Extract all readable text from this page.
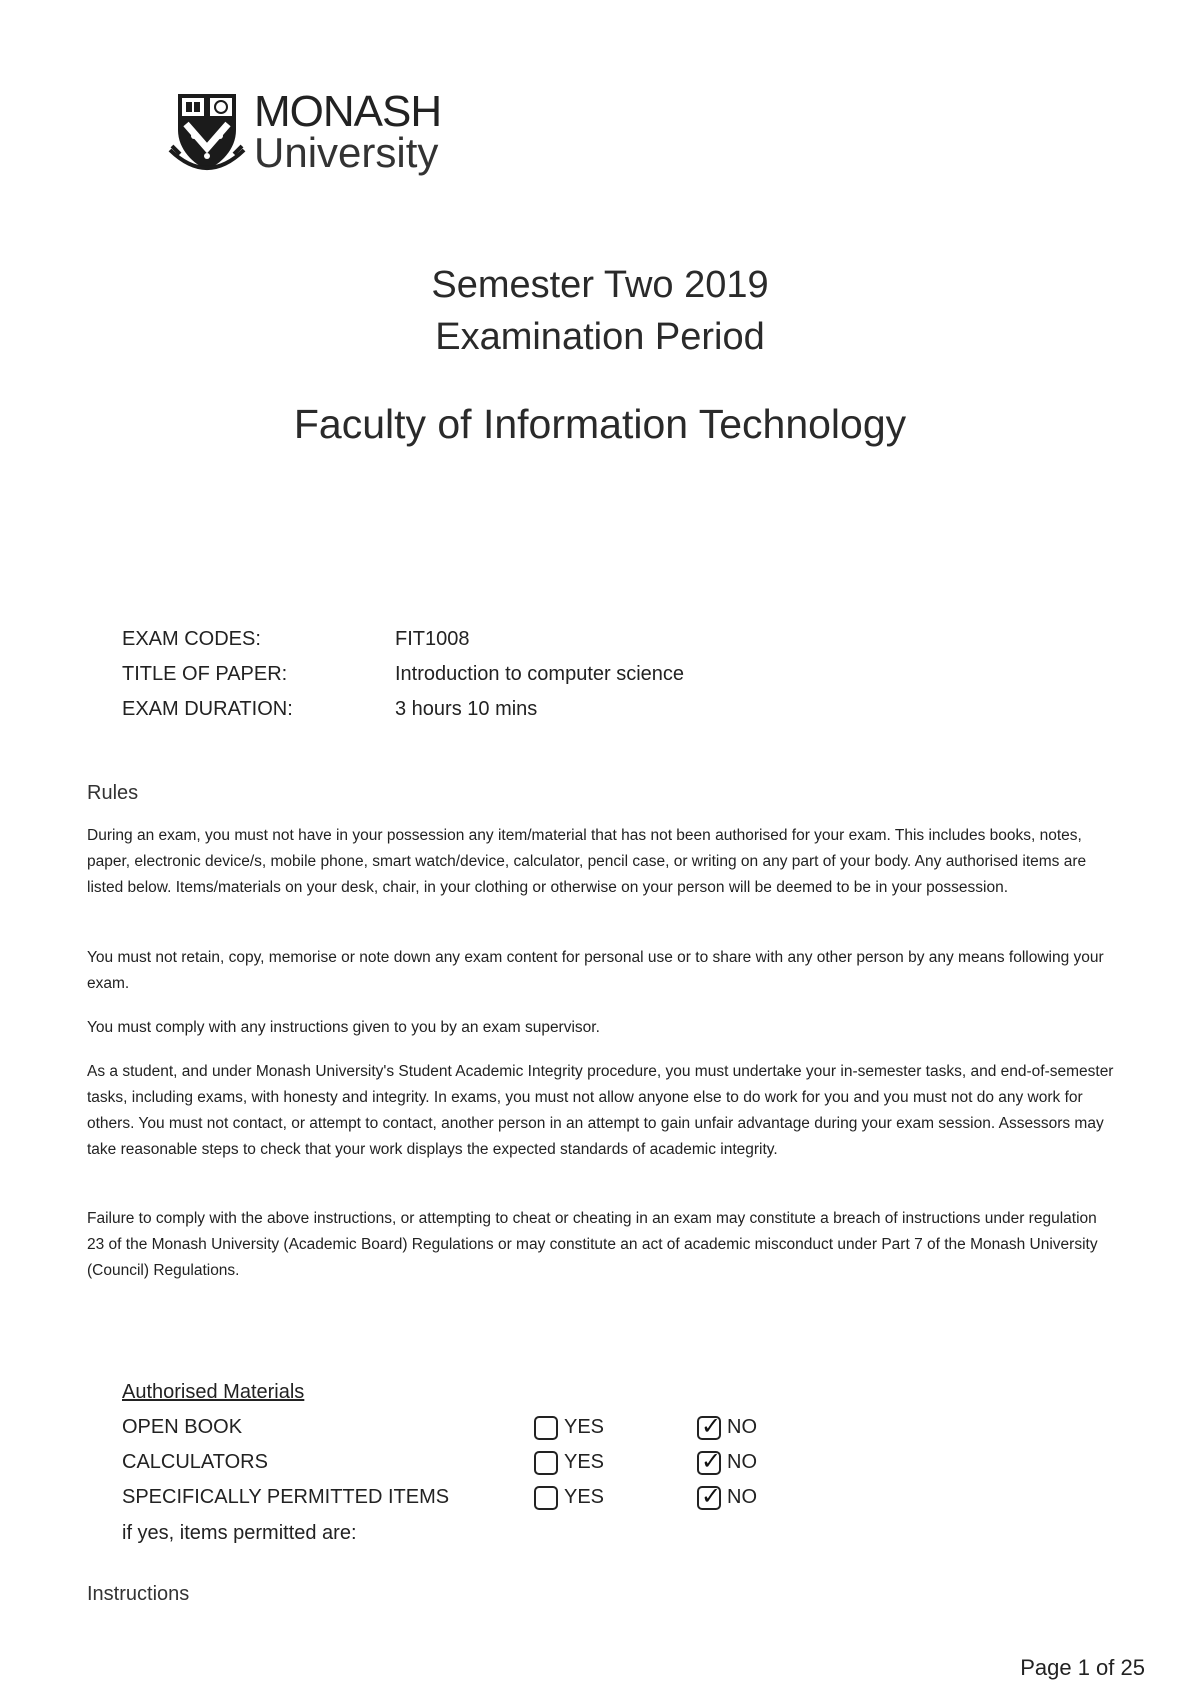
MONASH
University
Semester Two 2019
Examination Period
Faculty of Information Technology
EXAM CODES:	FIT1008
TITLE OF PAPER:	Introduction to computer science
EXAM DURATION:	3 hours 10 mins
Rules
During an exam, you must not have in your possession any item/material that has not been authorised for your exam. This includes books, notes, paper, electronic device/s, mobile phone, smart watch/device, calculator, pencil case, or writing on any part of your body. Any authorised items are listed below. Items/materials on your desk, chair, in your clothing or otherwise on your person will be deemed to be in your possession.
You must not retain, copy, memorise or note down any exam content for personal use or to share with any other person by any means following your exam.
You must comply with any instructions given to you by an exam supervisor.
As a student, and under Monash University's Student Academic Integrity procedure, you must undertake your in-semester tasks, and end-of-semester tasks, including exams, with honesty and integrity. In exams, you must not allow anyone else to do work for you and you must not do any work for others. You must not contact, or attempt to contact, another person in an attempt to gain unfair advantage during your exam session. Assessors may take reasonable steps to check that your work displays the expected standards of academic integrity.
Failure to comply with the above instructions, or attempting to cheat or cheating in an exam may constitute a breach of instructions under regulation 23 of the Monash University (Academic Board) Regulations or may constitute an act of academic misconduct under Part 7 of the Monash University (Council) Regulations.
Authorised Materials
OPEN BOOK	YES	✓ NO
CALCULATORS	YES	✓ NO
SPECIFICALLY PERMITTED ITEMS	YES	✓ NO
if yes, items permitted are:
Instructions
Page 1 of 25
